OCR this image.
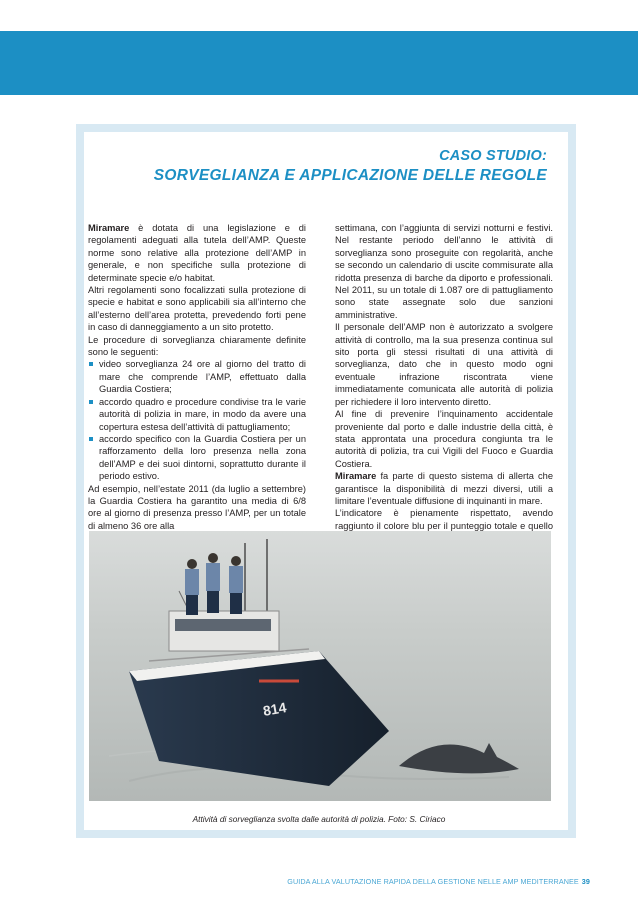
CASO STUDIO:
SORVEGLIANZA E APPLICAZIONE DELLE REGOLE

Miramare è dotata di una legislazione e di regolamenti adeguati alla tutela dell’AMP. Queste norme sono relative alla protezione dell’AMP in generale, e non specifiche sulla protezione di determinate specie e/o habitat.

Altri regolamenti sono focalizzati sulla protezione di specie e habitat e sono applicabili sia all’interno che all’esterno dell’area protetta, prevedendo forti pene in caso di danneggiamento a un sito protetto.

Le procedure di sorveglianza chiaramente definite sono le seguenti:

video sorveglianza 24 ore al giorno del tratto di mare che comprende l’AMP, effettuato dalla Guardia Costiera;
accordo quadro e procedure condivise tra le varie autorità di polizia in mare, in modo da avere una copertura estesa dell’attività di pattugliamento;
accordo specifico con la Guardia Costiera per un rafforzamento della loro presenza nella zona dell’AMP e dei suoi dintorni, soprattutto durante il periodo estivo.

Ad esempio, nell’estate 2011 (da luglio a settembre) la Guardia Costiera ha garantito una media di 6/8 ore al giorno di presenza presso l’AMP, per un totale di almeno 36 ore alla

settimana, con l’aggiunta di servizi notturni e festivi. Nel restante periodo dell’anno le attività di sorveglianza sono proseguite con regolarità, anche se secondo un calendario di uscite commisurate alla ridotta presenza di barche da diporto e professionali. Nel 2011, su un totale di 1.087 ore di pattugliamento sono state assegnate solo due sanzioni amministrative.

Il personale dell’AMP non è autorizzato a svolgere attività di controllo, ma la sua presenza continua sul sito porta gli stessi risultati di una attività di sorveglianza, dato che in questo modo ogni eventuale infrazione riscontrata viene immediatamente comunicata alle autorità di polizia per richiedere il loro intervento diretto.

Al fine di prevenire l’inquinamento accidentale proveniente dal porto e dalle industrie della città, è stata approntata una procedura congiunta tra le autorità di polizia, tra cui Vigili del Fuoco e Guardia Costiera.

Miramare fa parte di questo sistema di allerta che garantisce la disponibilità di mezzi diversi, utili a limitare l’eventuale diffusione di inquinanti in mare.

L’indicatore è pienamente rispettato, avendo raggiunto il colore blu per il punteggio totale e quello

814
Attività di sorveglianza svolta dalle autorità di polizia. Foto: S. Ciriaco
GUIDA ALLA VALUTAZIONE RAPIDA DELLA GESTIONE NELLE AMP MEDITERRANEE 39
